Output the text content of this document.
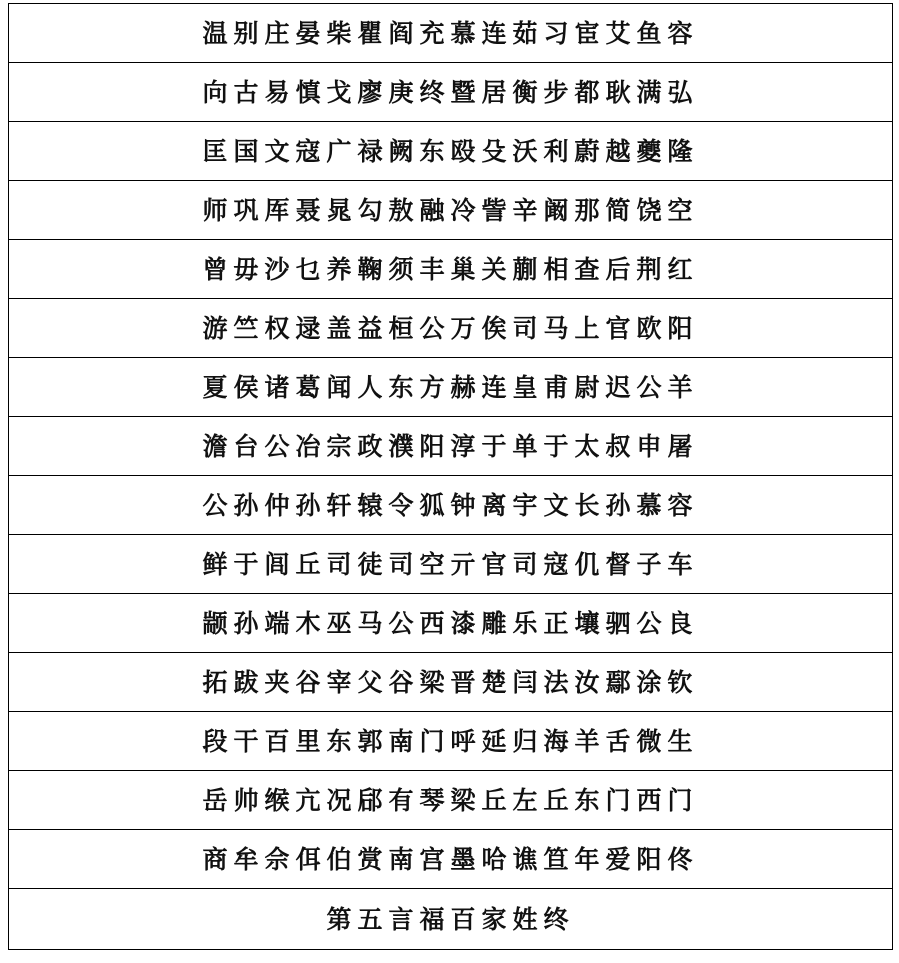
温别庄晏柴瞿阎充慕连茹习宦艾鱼容
向古易慎戈廖庚终暨居衡步都耿满弘
匡国文寇广禄阙东殴殳沃利蔚越夔隆
师巩厍聂晁勾敖融冷訾辛阚那简饶空
曾毋沙乜养鞠须丰巢关蒯相查后荆红
游竺权逯盖益桓公万俟司马上官欧阳
夏侯诸葛闻人东方赫连皇甫尉迟公羊
澹台公冶宗政濮阳淳于单于太叔申屠
公孙仲孙轩辕令狐钟离宇文长孙慕容
鲜于闾丘司徒司空亓官司寇仉督子车
颛孙端木巫马公西漆雕乐正壤驷公良
拓跋夹谷宰父谷梁晋楚闫法汝鄢涂钦
段干百里东郭南门呼延归海羊舌微生
岳帅缑亢况郈有琴梁丘左丘东门西门
商牟佘佴伯赏南宫墨哈谯笪年爱阳佟
第五言福百家姓终
